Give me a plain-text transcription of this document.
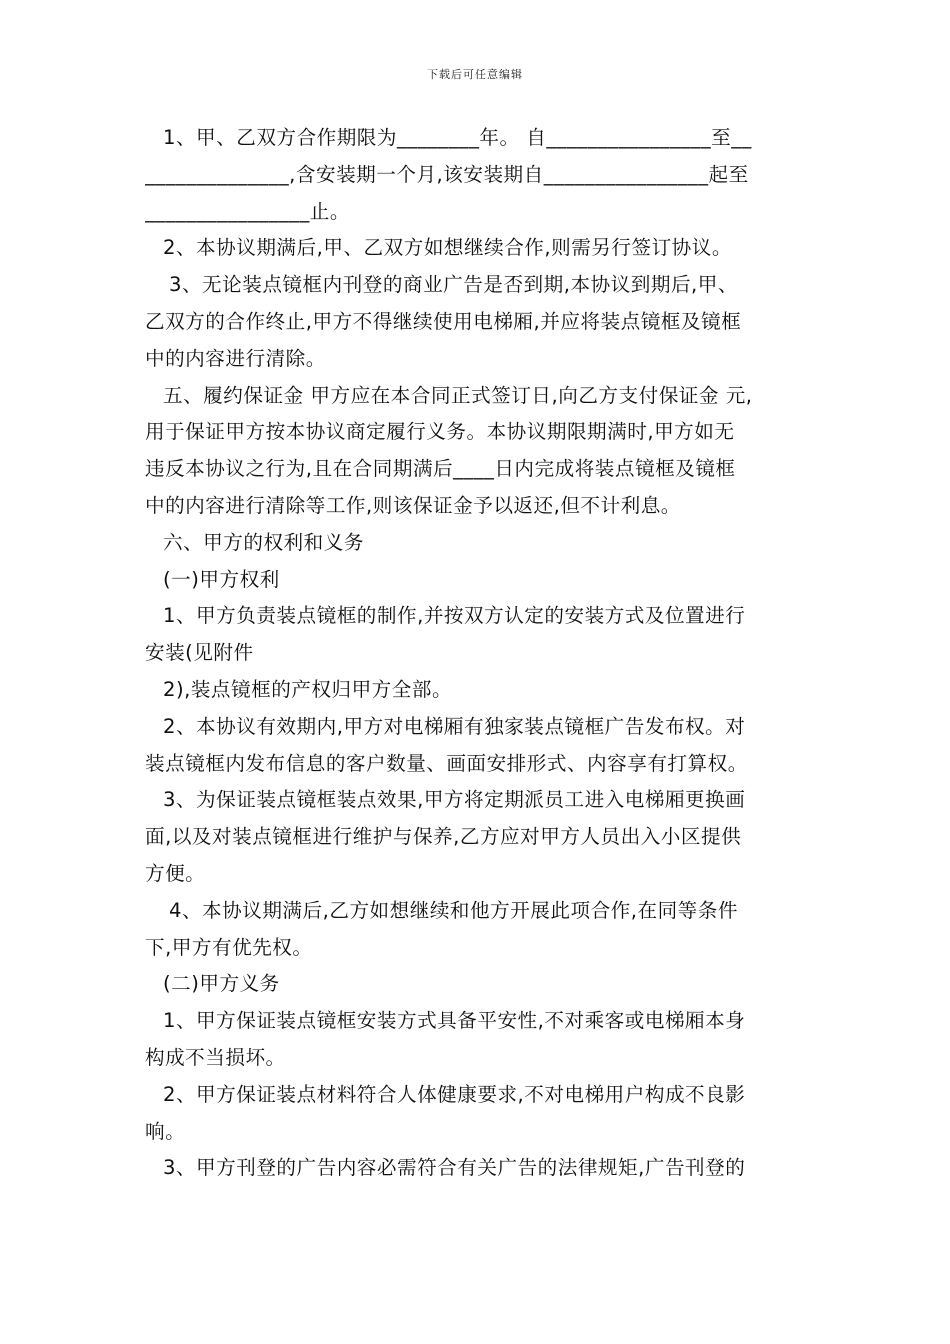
下载后可任意编辑
1、甲、乙双方合作期限为________年。 自________________至__
______________,含安装期一个月,该安装期自________________起至
________________止。
2、本协议期满后,甲、乙双方如想继续合作,则需另行签订协议。
3、无论装点镜框内刊登的商业广告是否到期,本协议到期后,甲、
乙双方的合作终止,甲方不得继续使用电梯厢,并应将装点镜框及镜框
中的内容进行清除。
五、履约保证金 甲方应在本合同正式签订日,向乙方支付保证金 元,
用于保证甲方按本协议商定履行义务。本协议期限期满时,甲方如无
违反本协议之行为,且在合同期满后____日内完成将装点镜框及镜框
中的内容进行清除等工作,则该保证金予以返还,但不计利息。
六、甲方的权利和义务
(一)甲方权利
1、甲方负责装点镜框的制作,并按双方认定的安装方式及位置进行
安装(见附件
2),装点镜框的产权归甲方全部。
2、本协议有效期内,甲方对电梯厢有独家装点镜框广告发布权。对
装点镜框内发布信息的客户数量、画面安排形式、内容享有打算权。
3、为保证装点镜框装点效果,甲方将定期派员工进入电梯厢更换画
面,以及对装点镜框进行维护与保养,乙方应对甲方人员出入小区提供
方便。
4、本协议期满后,乙方如想继续和他方开展此项合作,在同等条件
下,甲方有优先权。
(二)甲方义务
1、甲方保证装点镜框安装方式具备平安性,不对乘客或电梯厢本身
构成不当损坏。
2、甲方保证装点材料符合人体健康要求,不对电梯用户构成不良影
响。
3、甲方刊登的广告内容必需符合有关广告的法律规矩,广告刊登的
